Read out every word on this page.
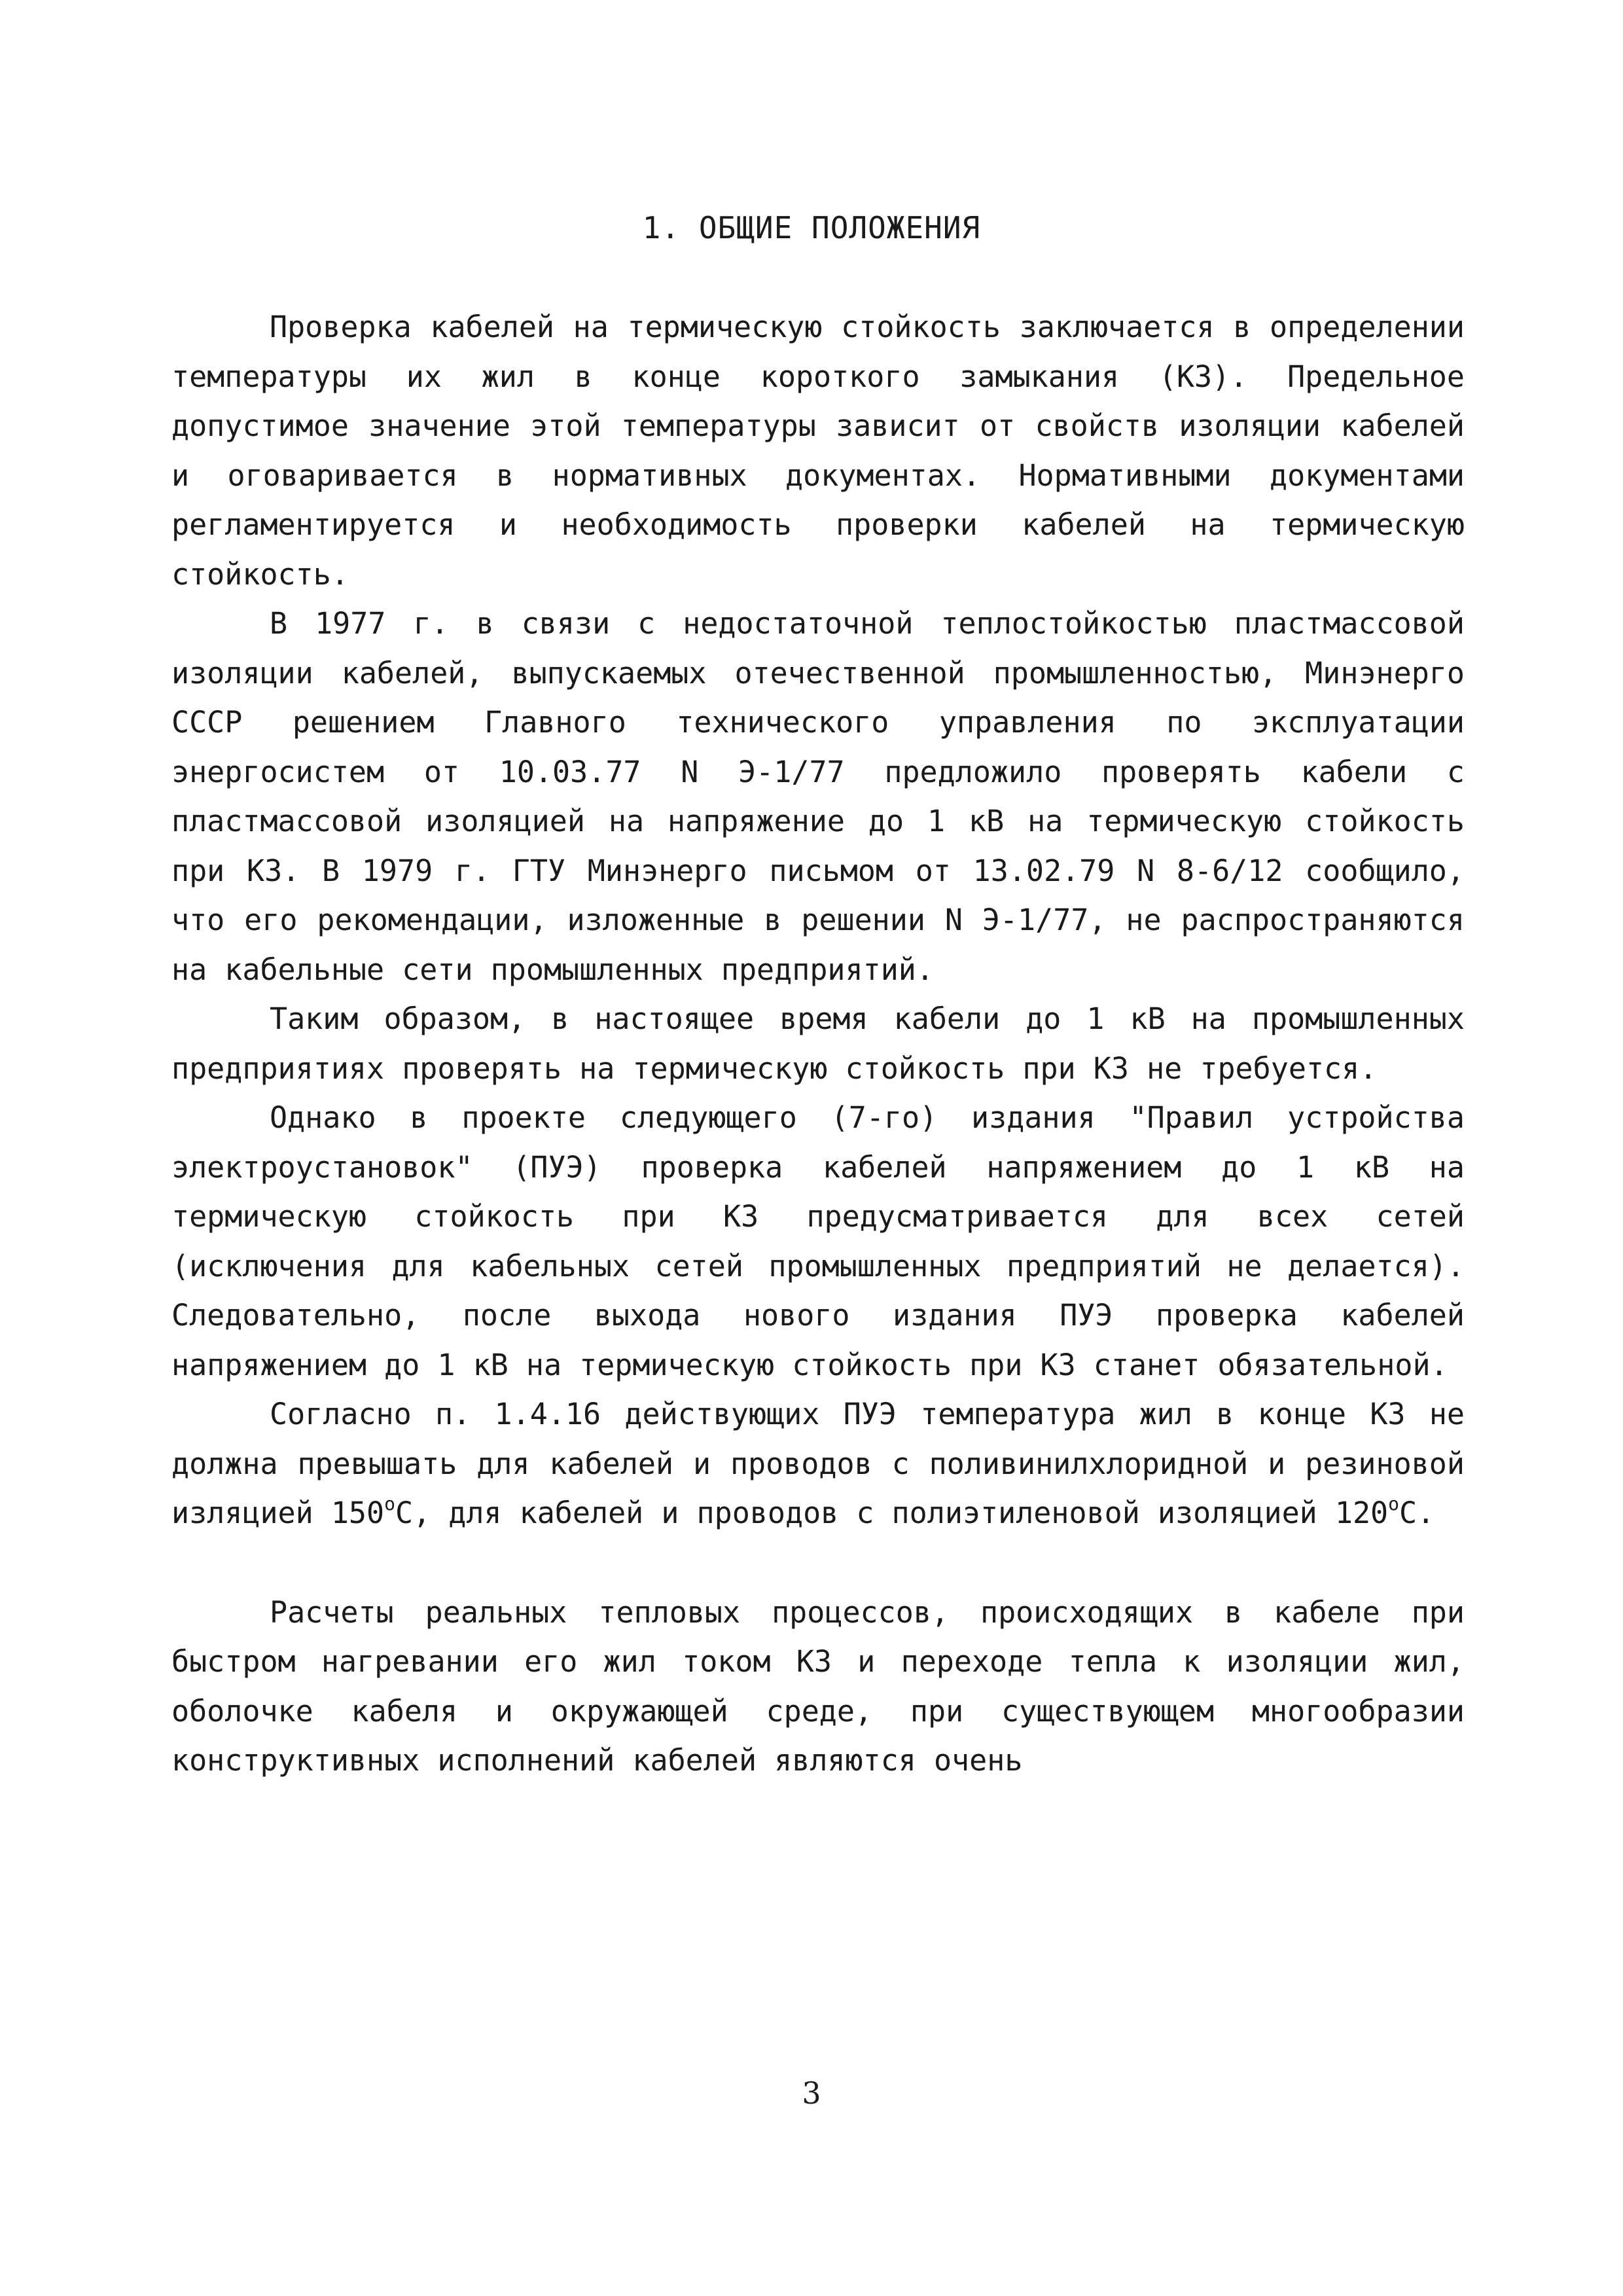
1. ОБЩИЕ ПОЛОЖЕНИЯ

Проверка кабелей на термическую стойкость заключается в определении температуры их жил в конце короткого замыкания (КЗ). Предельное допустимое значение этой температуры зависит от свойств изоляции кабелей и оговаривается в нормативных документах. Нормативными документами регламентируется и необходимость проверки кабелей на термическую стойкость.

В 1977 г. в связи с недостаточной теплостойкостью пластмассовой изоляции кабелей, выпускаемых отечественной промышленностью, Минэнерго СССР решением Главного технического управления по эксплуатации энергосистем от 10.03.77 N Э-1/77 предложило проверять кабели с пластмассовой изоляцией на напряжение до 1 кВ на термическую стойкость при КЗ. В 1979 г. ГТУ Минэнерго письмом от 13.02.79 N 8-6/12 сообщило, что его рекомендации, изложенные в решении N Э-1/77, не распространяются на кабельные сети промышленных предприятий.

Таким образом, в настоящее время кабели до 1 кВ на промышленных предприятиях проверять на термическую стойкость при КЗ не требуется.

Однако в проекте следующего (7-го) издания "Правил устройства электроустановок" (ПУЭ) проверка кабелей напряжением до 1 кВ на термическую стойкость при КЗ предусматривается для всех сетей (исключения для кабельных сетей промышленных предприятий не делается). Следовательно, после выхода нового издания ПУЭ проверка кабелей напряжением до 1 кВ на термическую стойкость при КЗ станет обязательной.

Согласно п. 1.4.16 действующих ПУЭ температура жил в конце КЗ не должна превышать для кабелей и проводов с поливинилхлоридной и резиновой изляцией $150^оС$, для кабелей и проводов с полиэтиленовой изоляцией $120^оС$.

Расчеты реальных тепловых процессов, происходящих в кабеле при быстром нагревании его жил током КЗ и переходе тепла к изоляции жил, оболочке кабеля и окружающей среде, при существующем многообразии конструктивных исполнений кабелей являются очень

3
